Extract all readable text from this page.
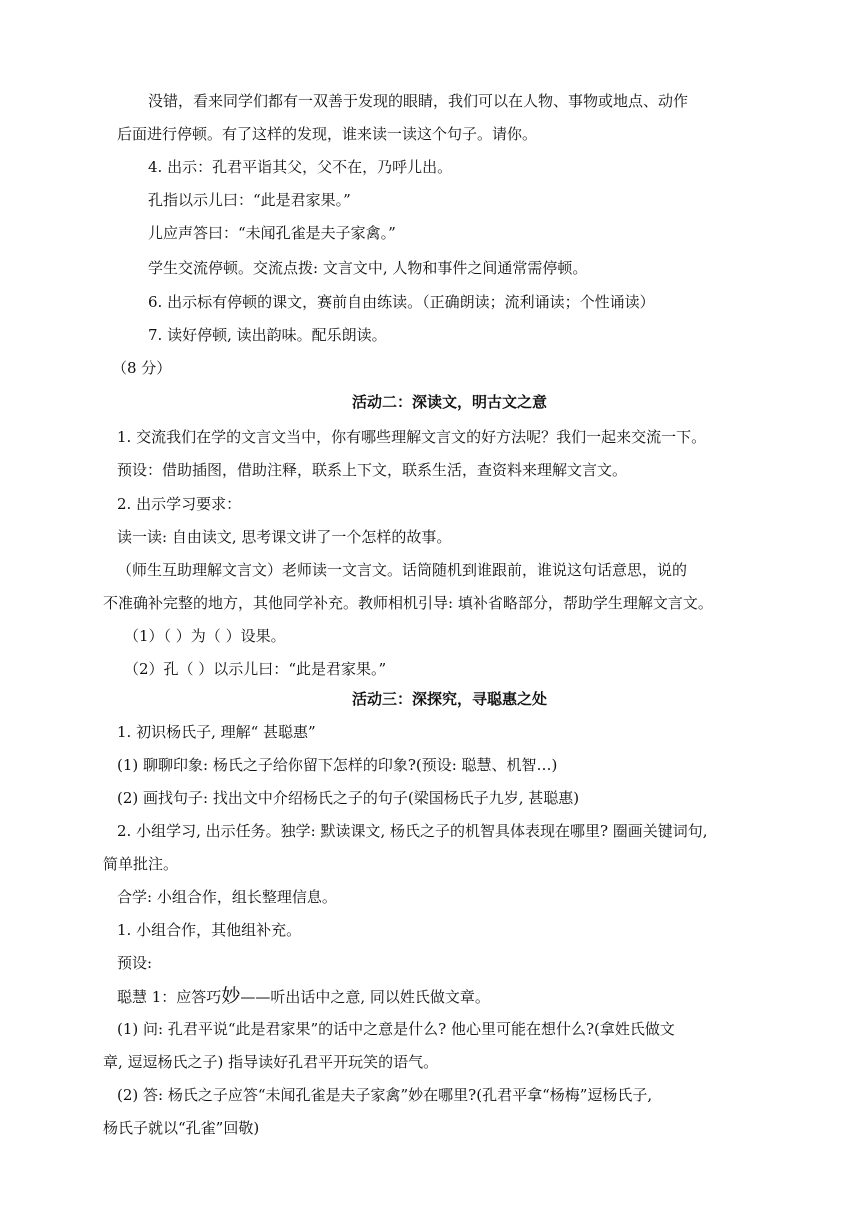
没错，看来同学们都有一双善于发现的眼睛，我们可以在人物、事物或地点、动作
后面进行停顿。有了这样的发现，谁来读一读这个句子。请你。
4. 出示：孔君平诣其父，父不在，乃呼儿出。
孔指以示儿曰：“此是君家果。”
儿应声答曰：“未闻孔雀是夫子家禽。”
学生交流停顿。交流点拨: 文言文中, 人物和事件之间通常需停顿。
6. 出示标有停顿的课文，赛前自由练读。（正确朗读；流利诵读；个性诵读）
7. 读好停顿, 读出韵味。配乐朗读。
（8 分）
活动二：深读文，明古文之意
1. 交流我们在学的文言文当中，你有哪些理解文言文的好方法呢？我们一起来交流一下。
预设：借助插图，借助注释，联系上下文，联系生活，查资料来理解文言文。
2. 出示学习要求：
读一读: 自由读文, 思考课文讲了一个怎样的故事。
（师生互助理解文言文）老师读一文言文。话筒随机到谁跟前，谁说这句话意思，说的
不准确补完整的地方，其他同学补充。教师相机引导: 填补省略部分，帮助学生理解文言文。
（1）（ ）为（ ）设果。
（2）孔（ ）以示儿曰：“此是君家果。”
活动三：深探究，寻聪惠之处
1. 初识杨氏子, 理解“ 甚聪惠”
(1) 聊聊印象: 杨氏之子给你留下怎样的印象?(预设: 聪慧、机智…)
(2) 画找句子: 找出文中介绍杨氏之子的句子(梁国杨氏子九岁, 甚聪惠)
2. 小组学习, 出示任务。独学: 默读课文, 杨氏之子的机智具体表现在哪里? 圈画关键词句,
简单批注。
合学: 小组合作，组长整理信息。
1. 小组合作，其他组补充。
预设:
聪慧 1：应答巧妙——听出话中之意, 同以姓氏做文章。
(1) 问: 孔君平说“此是君家果”的话中之意是什么? 他心里可能在想什么?(拿姓氏做文
章, 逗逗杨氏之子) 指导读好孔君平开玩笑的语气。
(2) 答: 杨氏之子应答“未闻孔雀是夫子家禽”妙在哪里?(孔君平拿“杨梅”逗杨氏子,
杨氏子就以“孔雀”回敬)
